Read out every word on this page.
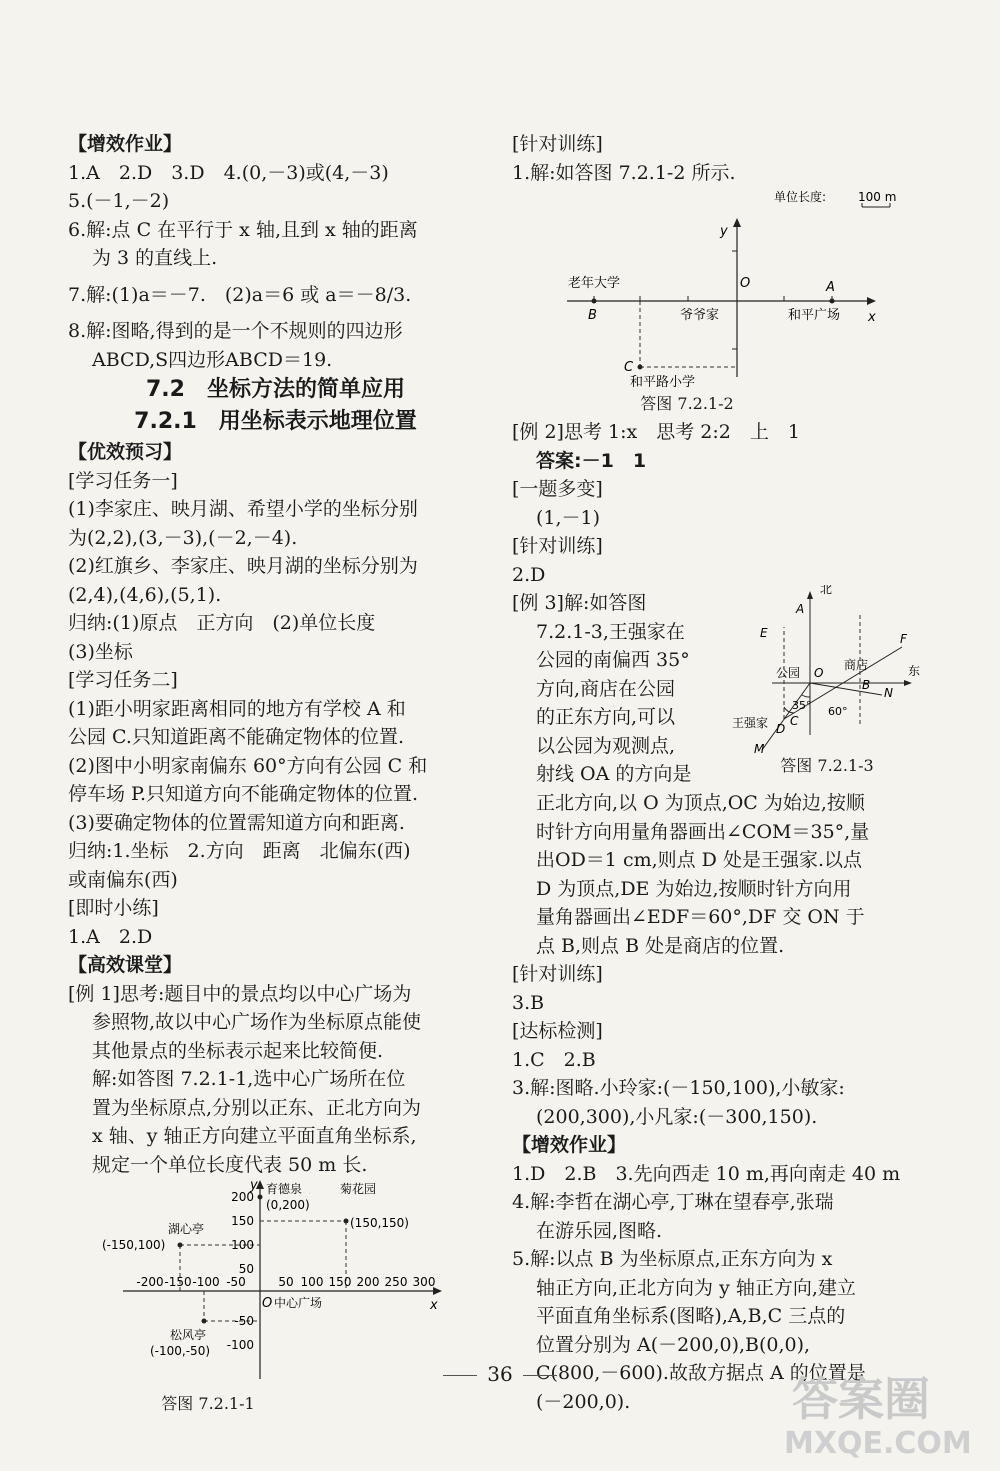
【增效作业】
1.A　2.D　3.D　4.(0,－3)或(4,－3)
5.(－1,－2)
6.解:点 C 在平行于 x 轴,且到 x 轴的距离
为 3 的直线上.
7.解:(1)a＝－7.　(2)a＝6 或 a＝－8/3.
8.解:图略,得到的是一个不规则的四边形
ABCD,S四边形ABCD＝19.
7.2　坐标方法的简单应用
7.2.1　用坐标表示地理位置
【优效预习】
[学习任务一]
(1)李家庄、映月湖、希望小学的坐标分别
为(2,2),(3,－3),(－2,－4).
(2)红旗乡、李家庄、映月湖的坐标分别为
(2,4),(4,6),(5,1).
归纳:(1)原点　正方向　(2)单位长度
(3)坐标
[学习任务二]
(1)距小明家距离相同的地方有学校 A 和
公园 C.只知道距离不能确定物体的位置.
(2)图中小明家南偏东 60°方向有公园 C 和
停车场 P.只知道方向不能确定物体的位置.
(3)要确定物体的位置需知道方向和距离.
归纳:1.坐标　2.方向　距离　北偏东(西)
或南偏东(西)
[即时小练]
1.A　2.D
【高效课堂】
[例 1]思考:题目中的景点均以中心广场为
参照物,故以中心广场作为坐标原点能使
其他景点的坐标表示起来比较简便.
解:如答图 7.2.1-1,选中心广场所在位
置为坐标原点,分别以正东、正北方向为
x 轴、y 轴正方向建立平面直角坐标系,
规定一个单位长度代表 50 m 长.
200
150
100
50
-50
-100
-200 -150 -100 -50	50 100 150 200 250 300
y
x
O
育德泉
(0,200)
菊花园
(150,150)
湖心亭
(-150,100)
松风亭
(-100,-50)
中心广场
答图 7.2.1-1
[针对训练]
1.解:如答图 7.2.1-2 所示.
单位长度:	100 m
老年大学
B
O	A
爷爷家	和平广场
C
和平路小学
x
y
答图 7.2.1-2
[例 2]思考 1:x　思考 2:2　上　1
答案:－1　1
[一题多变]
(1,－1)
[针对训练]
2.D
[例 3]解:如答图
7.2.1-3,王强家在
公园的南偏西 35°
方向,商店在公园
的正东方向,可以
以公园为观测点,
射线 OA 的方向是
北
A
E	F
公园 O
商店	东
B
N
35° 60°
王强家 D
C
M
答图 7.2.1-3
正北方向,以 O 为顶点,OC 为始边,按顺
时针方向用量角器画出∠COM＝35°,量
出OD＝1 cm,则点 D 处是王强家.以点
D 为顶点,DE 为始边,按顺时针方向用
量角器画出∠EDF＝60°,DF 交 ON 于
点 B,则点 B 处是商店的位置.
[针对训练]
3.B
[达标检测]
1.C　2.B
3.解:图略.小玲家:(－150,100),小敏家:
(200,300),小凡家:(－300,150).
【增效作业】
1.D　2.B　3.先向西走 10 m,再向南走 40 m
4.解:李哲在湖心亭,丁琳在望春亭,张瑞
在游乐园,图略.
5.解:以点 B 为坐标原点,正东方向为 x
轴正方向,正北方向为 y 轴正方向,建立
平面直角坐标系(图略),A,B,C 三点的
位置分别为 A(－200,0),B(0,0),
C(800,－600).故敌方据点 A 的位置是
(－200,0).
36	答案圈
MXQE.COM
